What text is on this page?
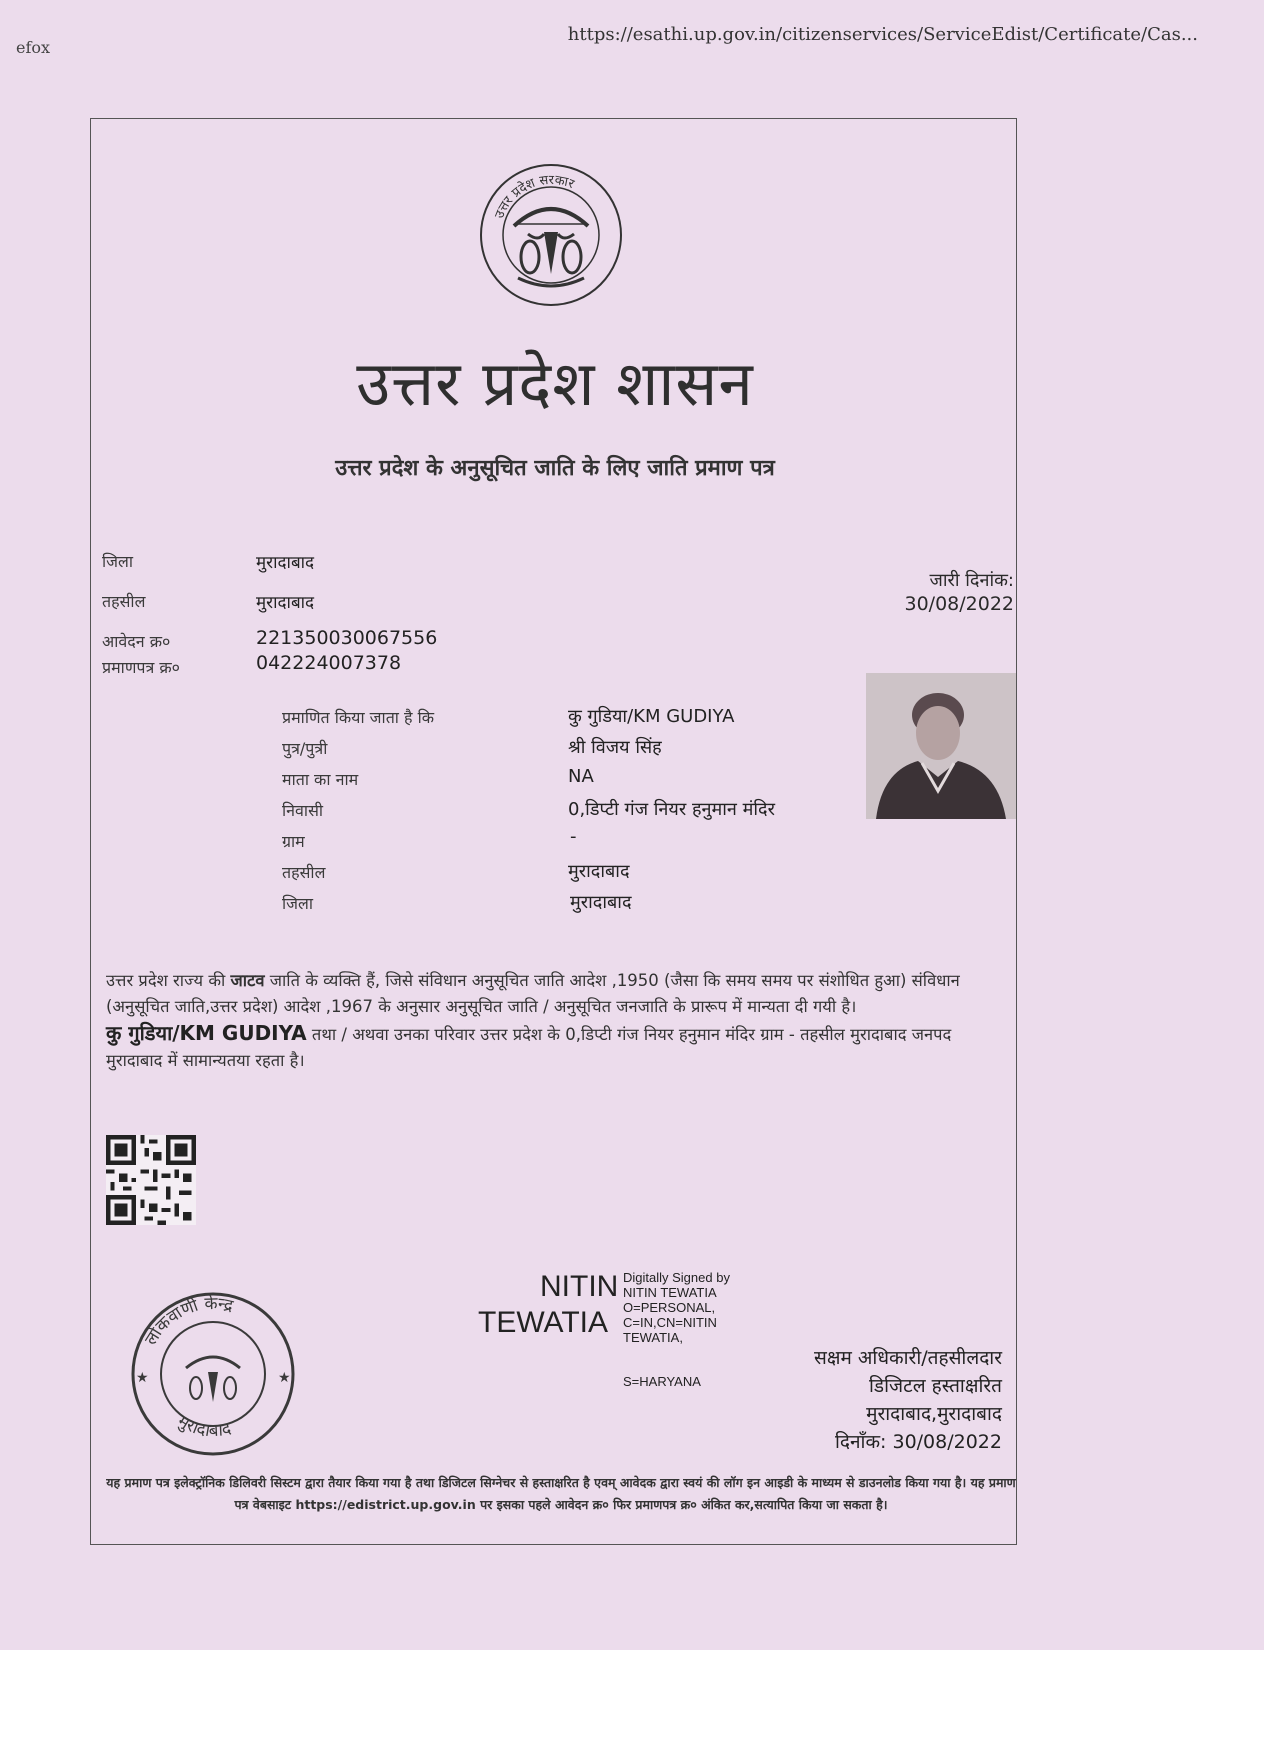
efox
https://esathi.up.gov.in/citizenservices/ServiceEdist/Certificate/Cas...
उत्तर प्रदेश सरकार
उत्तर प्रदेश शासन
उत्तर प्रदेश के अनुसूचित जाति के लिए जाति प्रमाण पत्र
जिला	मुरादाबाद
तहसील	मुरादाबाद
आवेदन क्र०	221350030067556
प्रमाणपत्र क्र०	042224007378
जारी दिनांक:
30/08/2022
प्रमाणित किया जाता है कि	कु गुडिया/KM GUDIYA
पुत्र/पुत्री	श्री विजय सिंह
माता का नाम	NA
निवासी	0,डिप्टी गंज नियर हनुमान मंदिर
ग्राम	-
तहसील	मुरादाबाद
जिला	मुरादाबाद
उत्तर प्रदेश राज्य की जाटव जाति के व्यक्ति हैं, जिसे संविधान अनुसूचित जाति आदेश ,1950 (जैसा कि समय समय पर संशोधित हुआ) संविधान (अनुसूचित जाति,उत्तर प्रदेश) आदेश ,1967 के अनुसार अनुसूचित जाति / अनुसूचित जनजाति के प्रारूप में मान्यता दी गयी है।
कु गुडिया/KM GUDIYA तथा / अथवा उनका परिवार उत्तर प्रदेश के 0,डिप्टी गंज नियर हनुमान मंदिर ग्राम - तहसील मुरादाबाद जनपद मुरादाबाद में सामान्यतया रहता है।
लोकवाणी केन्द्र
मुरादाबाद
★	★
NITIN
TEWATIA
Digitally Signed by
NITIN TEWATIA
O=PERSONAL,
C=IN,CN=NITIN
TEWATIA,
S=HARYANA
सक्षम अधिकारी/तहसीलदार
डिजिटल हस्ताक्षरित
मुरादाबाद,मुरादाबाद
दिनाँक: 30/08/2022
यह प्रमाण पत्र इलेक्ट्रॉनिक डिलिवरी सिस्टम द्वारा तैयार किया गया है तथा डिजिटल सिग्नेचर से हस्ताक्षरित है एवम् आवेदक द्वारा स्वयं की लॉग इन आइडी के माध्यम से डाउनलोड किया गया है। यह प्रमाण पत्र वेबसाइट https://edistrict.up.gov.in पर इसका पहले आवेदन क्र० फिर प्रमाणपत्र क्र० अंकित कर,सत्यापित किया जा सकता है।
